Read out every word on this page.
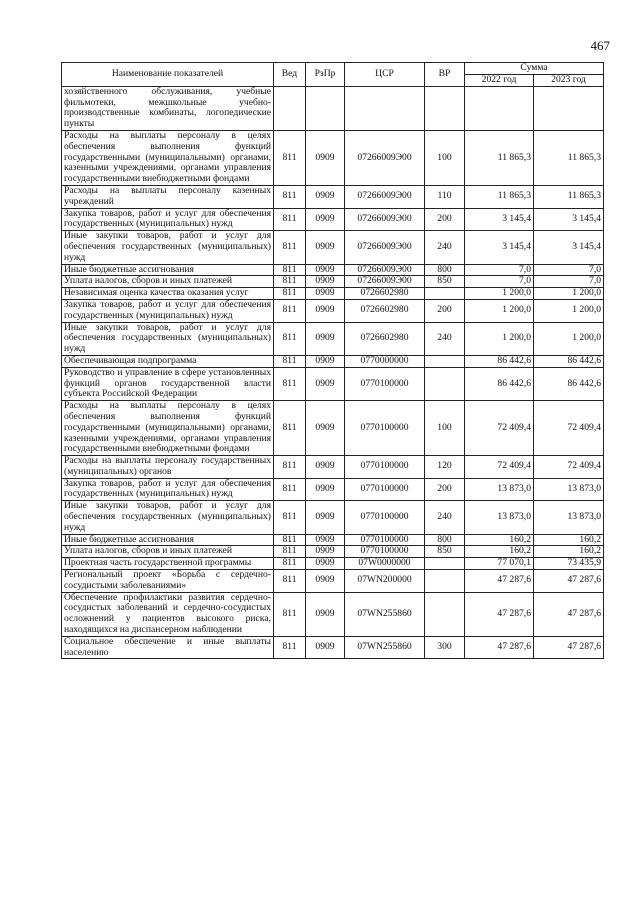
467
Наименование показателей	Вед	РзПр	ЦСР	ВР	Сумма	
					2022 год	2023 год
хозяйственного обслуживания, учебные фильмотеки, межшкольные учебно-производственные комбинаты, логопедические пункты						
Расходы на выплаты персоналу в целях обеспечения выполнения функций государственными (муниципальными) органами, казенными учреждениями, органами управления государственными внебюджетными фондами	811	0909	07266009Э00	100	11 865,3	11 865,3
Расходы на выплаты персоналу казенных учреждений	811	0909	07266009Э00	110	11 865,3	11 865,3
Закупка товаров, работ и услуг для обеспечения государственных (муниципальных) нужд	811	0909	07266009Э00	200	3 145,4	3 145,4
Иные закупки товаров, работ и услуг для обеспечения государственных (муниципальных) нужд	811	0909	07266009Э00	240	3 145,4	3 145,4
Иные бюджетные ассигнования	811	0909	07266009Э00	800	7,0	7,0
Уплата налогов, сборов и иных платежей	811	0909	07266009Э00	850	7,0	7,0
Независимая оценка качества оказания услуг	811	0909	0726602980		1 200,0	1 200,0
Закупка товаров, работ и услуг для обеспечения государственных (муниципальных) нужд	811	0909	0726602980	200	1 200,0	1 200,0
Иные закупки товаров, работ и услуг для обеспечения государственных (муниципальных) нужд	811	0909	0726602980	240	1 200,0	1 200,0
Обеспечивающая подпрограмма	811	0909	0770000000		86 442,6	86 442,6
Руководство и управление в сфере установленных функций органов государственной власти субъекта Российской Федерации	811	0909	0770100000		86 442,6	86 442,6
Расходы на выплаты персоналу в целях обеспечения выполнения функций государственными (муниципальными) органами, казенными учреждениями, органами управления государственными внебюджетными фондами	811	0909	0770100000	100	72 409,4	72 409,4
Расходы на выплаты персоналу государственных (муниципальных) органов	811	0909	0770100000	120	72 409,4	72 409,4
Закупка товаров, работ и услуг для обеспечения государственных (муниципальных) нужд	811	0909	0770100000	200	13 873,0	13 873,0
Иные закупки товаров, работ и услуг для обеспечения государственных (муниципальных) нужд	811	0909	0770100000	240	13 873,0	13 873,0
Иные бюджетные ассигнования	811	0909	0770100000	800	160,2	160,2
Уплата налогов, сборов и иных платежей	811	0909	0770100000	850	160,2	160,2
Проектная часть государственной программы	811	0909	07W0000000		77 070,1	73 435,9
Региональный проект «Борьба с сердечно-сосудистыми заболеваниями»	811	0909	07WN200000		47 287,6	47 287,6
Обеспечение профилактики развития сердечно-сосудистых заболеваний и сердечно-сосудистых осложнений у пациентов высокого риска, находящихся на диспансерном наблюдении	811	0909	07WN255860		47 287,6	47 287,6
Социальное обеспечение и иные выплаты населению	811	0909	07WN255860	300	47 287,6	47 287,6
